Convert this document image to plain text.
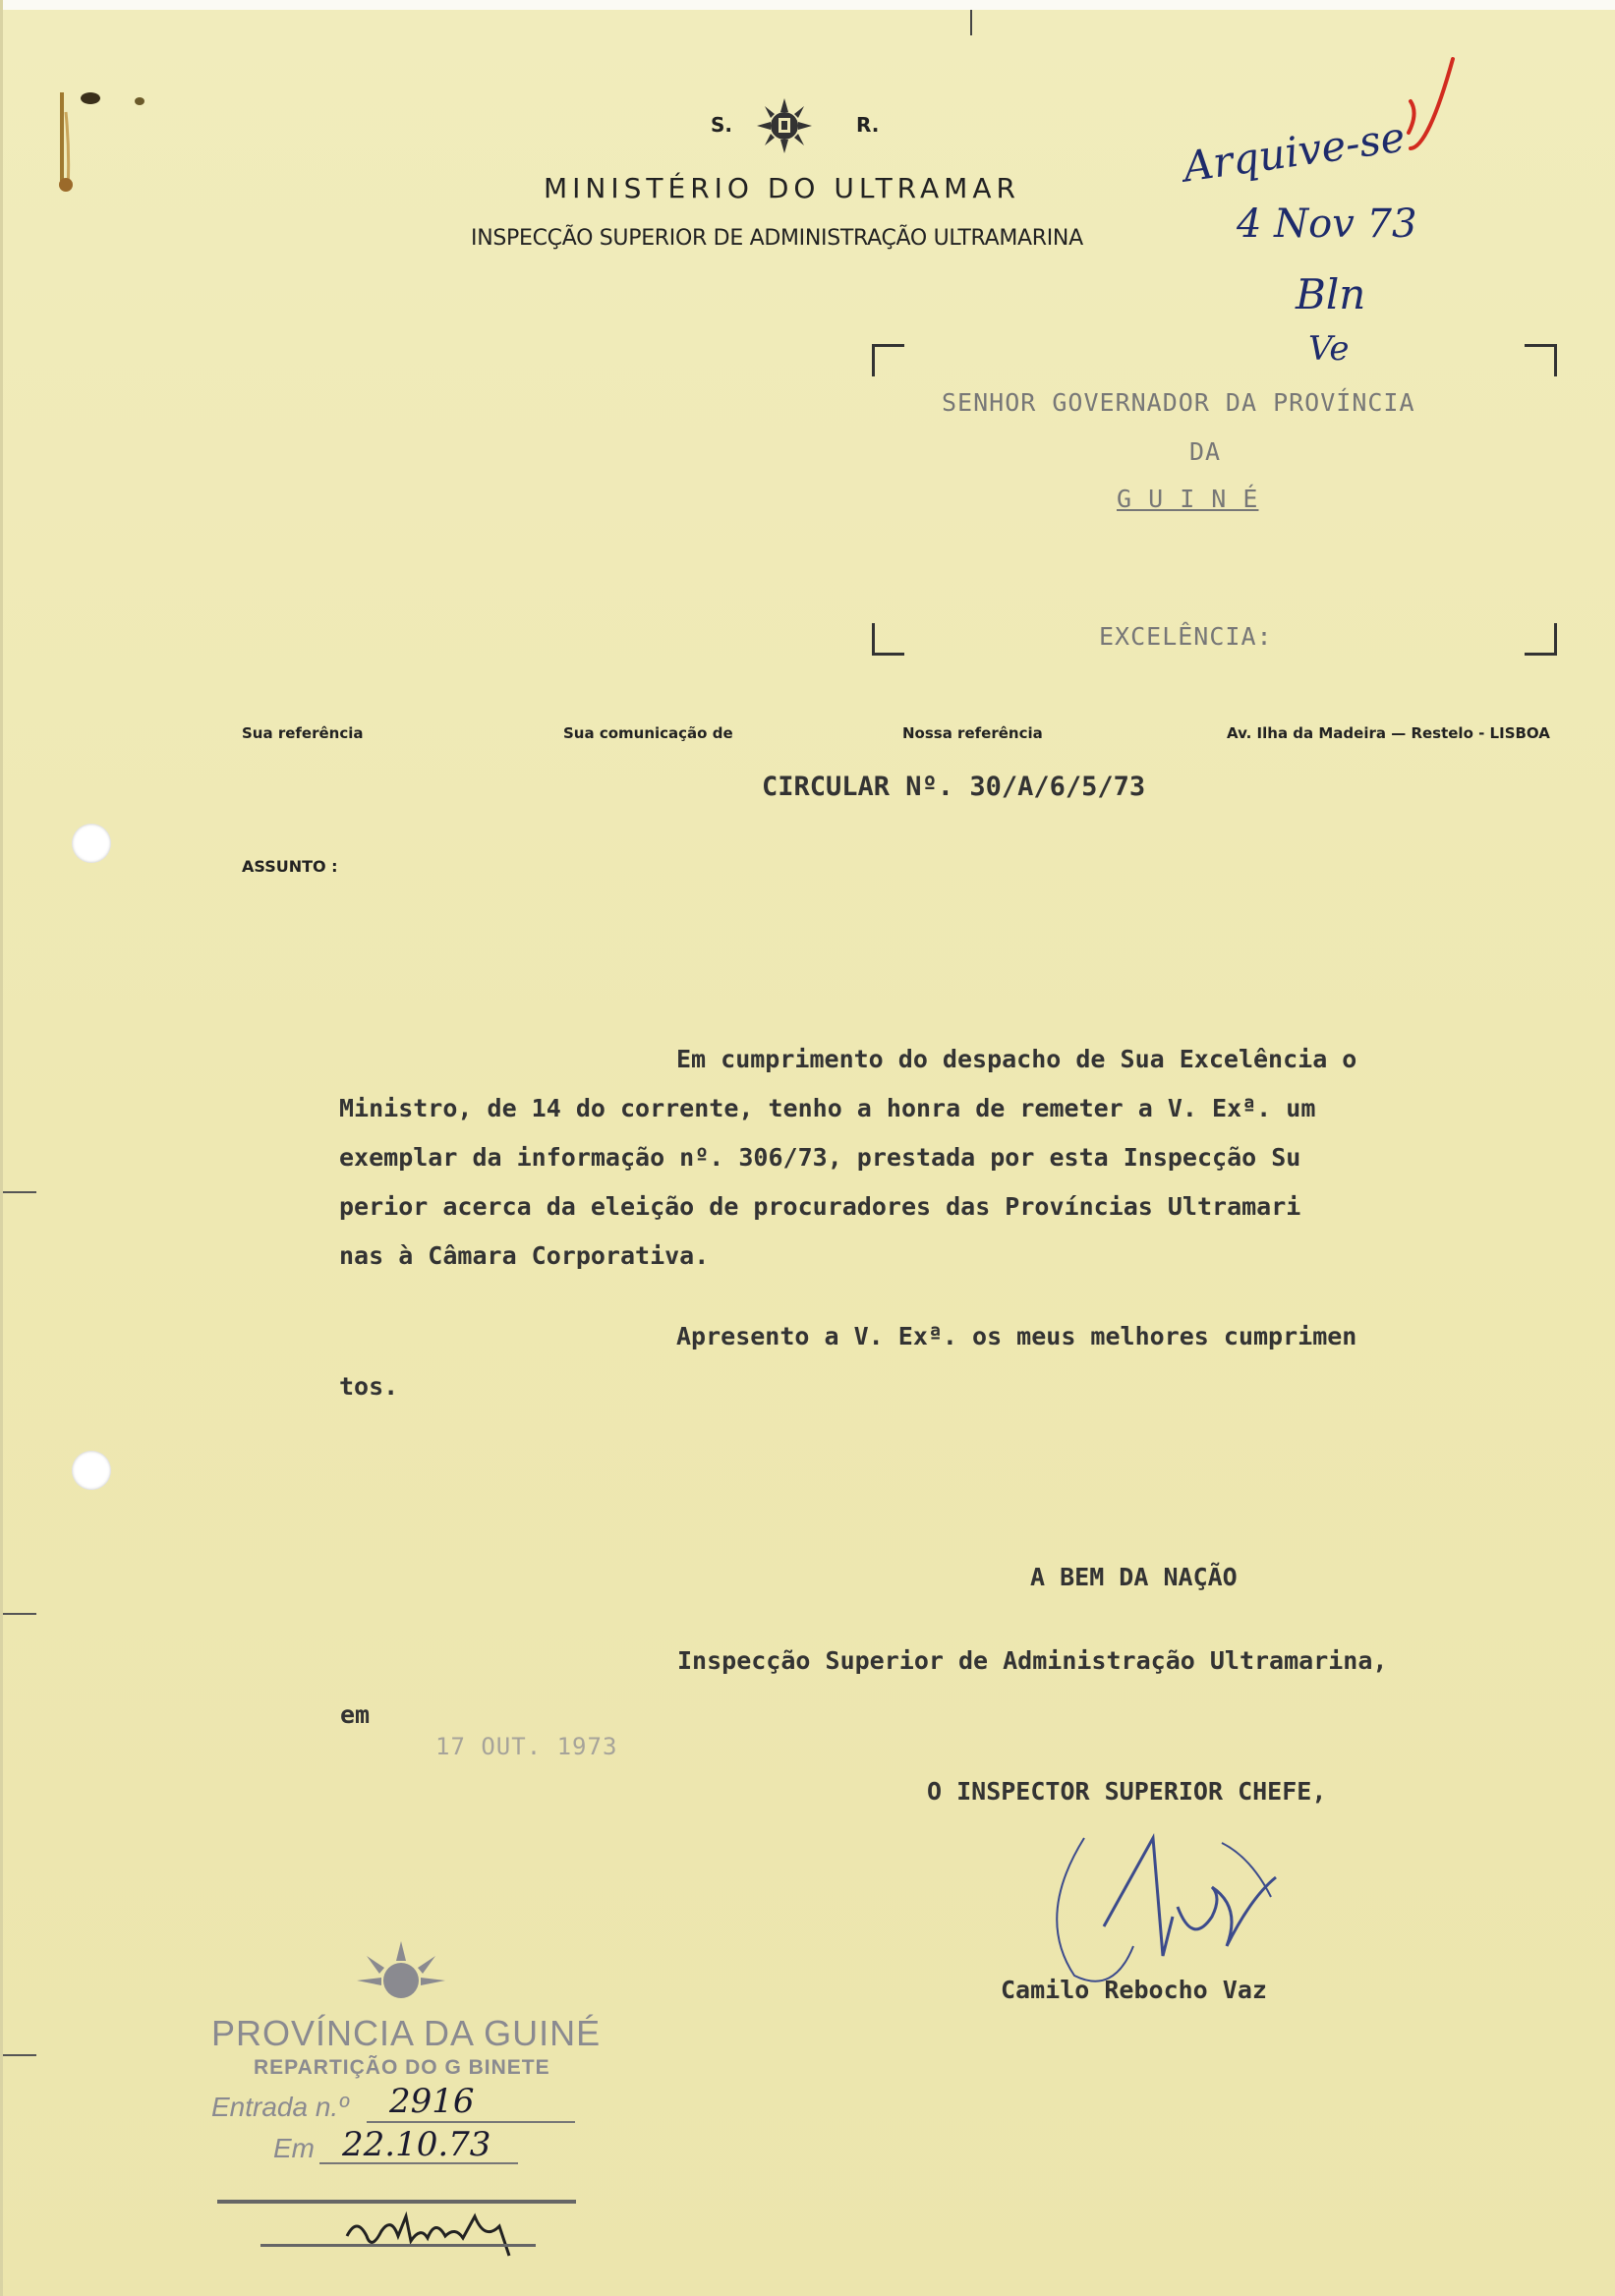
S.	R.
MINISTÉRIO DO ULTRAMAR
INSPECÇÃO SUPERIOR DE ADMINISTRAÇÃO ULTRAMARINA
Arquive-se
4 Nov 73
Bln
Ve
SENHOR GOVERNADOR DA PROVÍNCIA
DA
G U I N É
EXCELÊNCIA:
Sua referência	Sua comunicação de	Nossa referência	Av. Ilha da Madeira — Restelo - LISBOA
CIRCULAR Nº. 30/A/6/5/73
ASSUNTO :
Em cumprimento do despacho de Sua Excelência o
Ministro, de 14 do corrente, tenho a honra de remeter a V. Exª. um
exemplar da informação nº. 306/73, prestada por esta Inspecção Su
perior acerca da eleição de procuradores das Províncias Ultramari
nas à Câmara Corporativa.
Apresento a V. Exª. os meus melhores cumprimen
tos.
A BEM DA NAÇÃO
Inspecção Superior de Administração Ultramarina,
em
17 OUT. 1973
O INSPECTOR SUPERIOR CHEFE,
Camilo Rebocho Vaz
PROVÍNCIA DA GUINÉ
REPARTIÇÃO DO G BINETE
Entrada n.º 2916
Em 22.10.73
